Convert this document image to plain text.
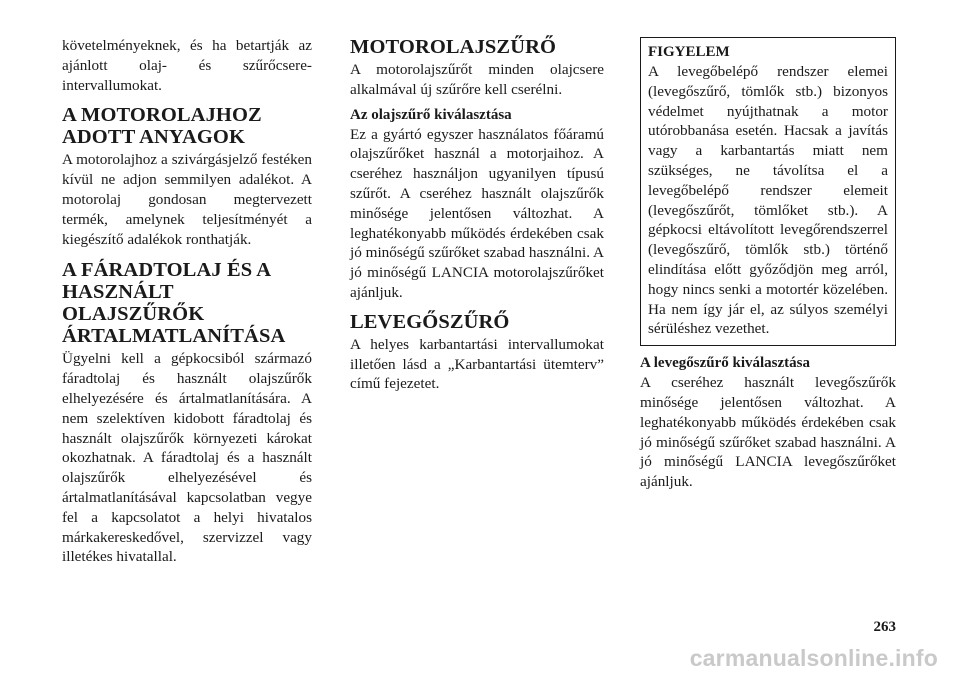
követelményeknek, és ha betartják az ajánlott olaj- és szűrőcsere-intervallumokat.

A MOTOROLAJHOZ ADOTT ANYAGOK

A motorolajhoz a szivárgásjelző festéken kívül ne adjon semmilyen adalékot. A motorolaj gondosan megtervezett termék, amelynek teljesítményét a kiegészítő adalékok ronthatják.

A FÁRADTOLAJ ÉS A HASZNÁLT OLAJSZŰRŐK ÁRTALMATLANÍTÁSA

Ügyelni kell a gépkocsiból származó fáradtolaj és használt olajszűrők elhelyezésére és ártalmatlanítására. A nem szelektíven kidobott fáradtolaj és használt olajszűrők környezeti károkat okozhatnak. A fáradtolaj és a használt olajszűrők elhelyezésével és ártalmatlanításával kapcsolatban vegye fel a kapcsolatot a helyi hivatalos márkakereskedővel, szervizzel vagy illetékes hivatallal.

MOTOROLAJSZŰRŐ

A motorolajszűrőt minden olajcsere alkalmával új szűrőre kell cserélni.

Az olajszűrő kiválasztása

Ez a gyártó egyszer használatos főáramú olajszűrőket használ a motorjaihoz. A cseréhez használjon ugyanilyen típusú szűrőt. A cseréhez használt olajszűrők minősége jelentősen változhat. A leghatékonyabb működés érdekében csak jó minőségű szűrőket szabad használni. A jó minőségű LANCIA motorolajszűrőket ajánljuk.

LEVEGŐSZŰRŐ

A helyes karbantartási intervallumokat illetően lásd a „Karbantartási ütemterv” című fejezetet.

FIGYELEM

A levegőbelépő rendszer elemei (levegőszűrő, tömlők stb.) bizonyos védelmet nyújthatnak a motor utórobbanása esetén. Hacsak a javítás vagy a karbantartás miatt nem szükséges, ne távolítsa el a levegőbelépő rendszer elemeit (levegőszűrőt, tömlőket stb.). A gépkocsi eltávolított levegőrendszerrel (levegőszűrő, tömlők stb.) történő elindítása előtt győződjön meg arról, hogy nincs senki a motortér közelében. Ha nem így jár el, az súlyos személyi sérüléshez vezethet.

A levegőszűrő kiválasztása

A cseréhez használt levegőszűrők minősége jelentősen változhat. A leghatékonyabb működés érdekében csak jó minőségű szűrőket szabad használni. A jó minőségű LANCIA levegőszűrőket ajánljuk.

263
carmanualsonline.info
